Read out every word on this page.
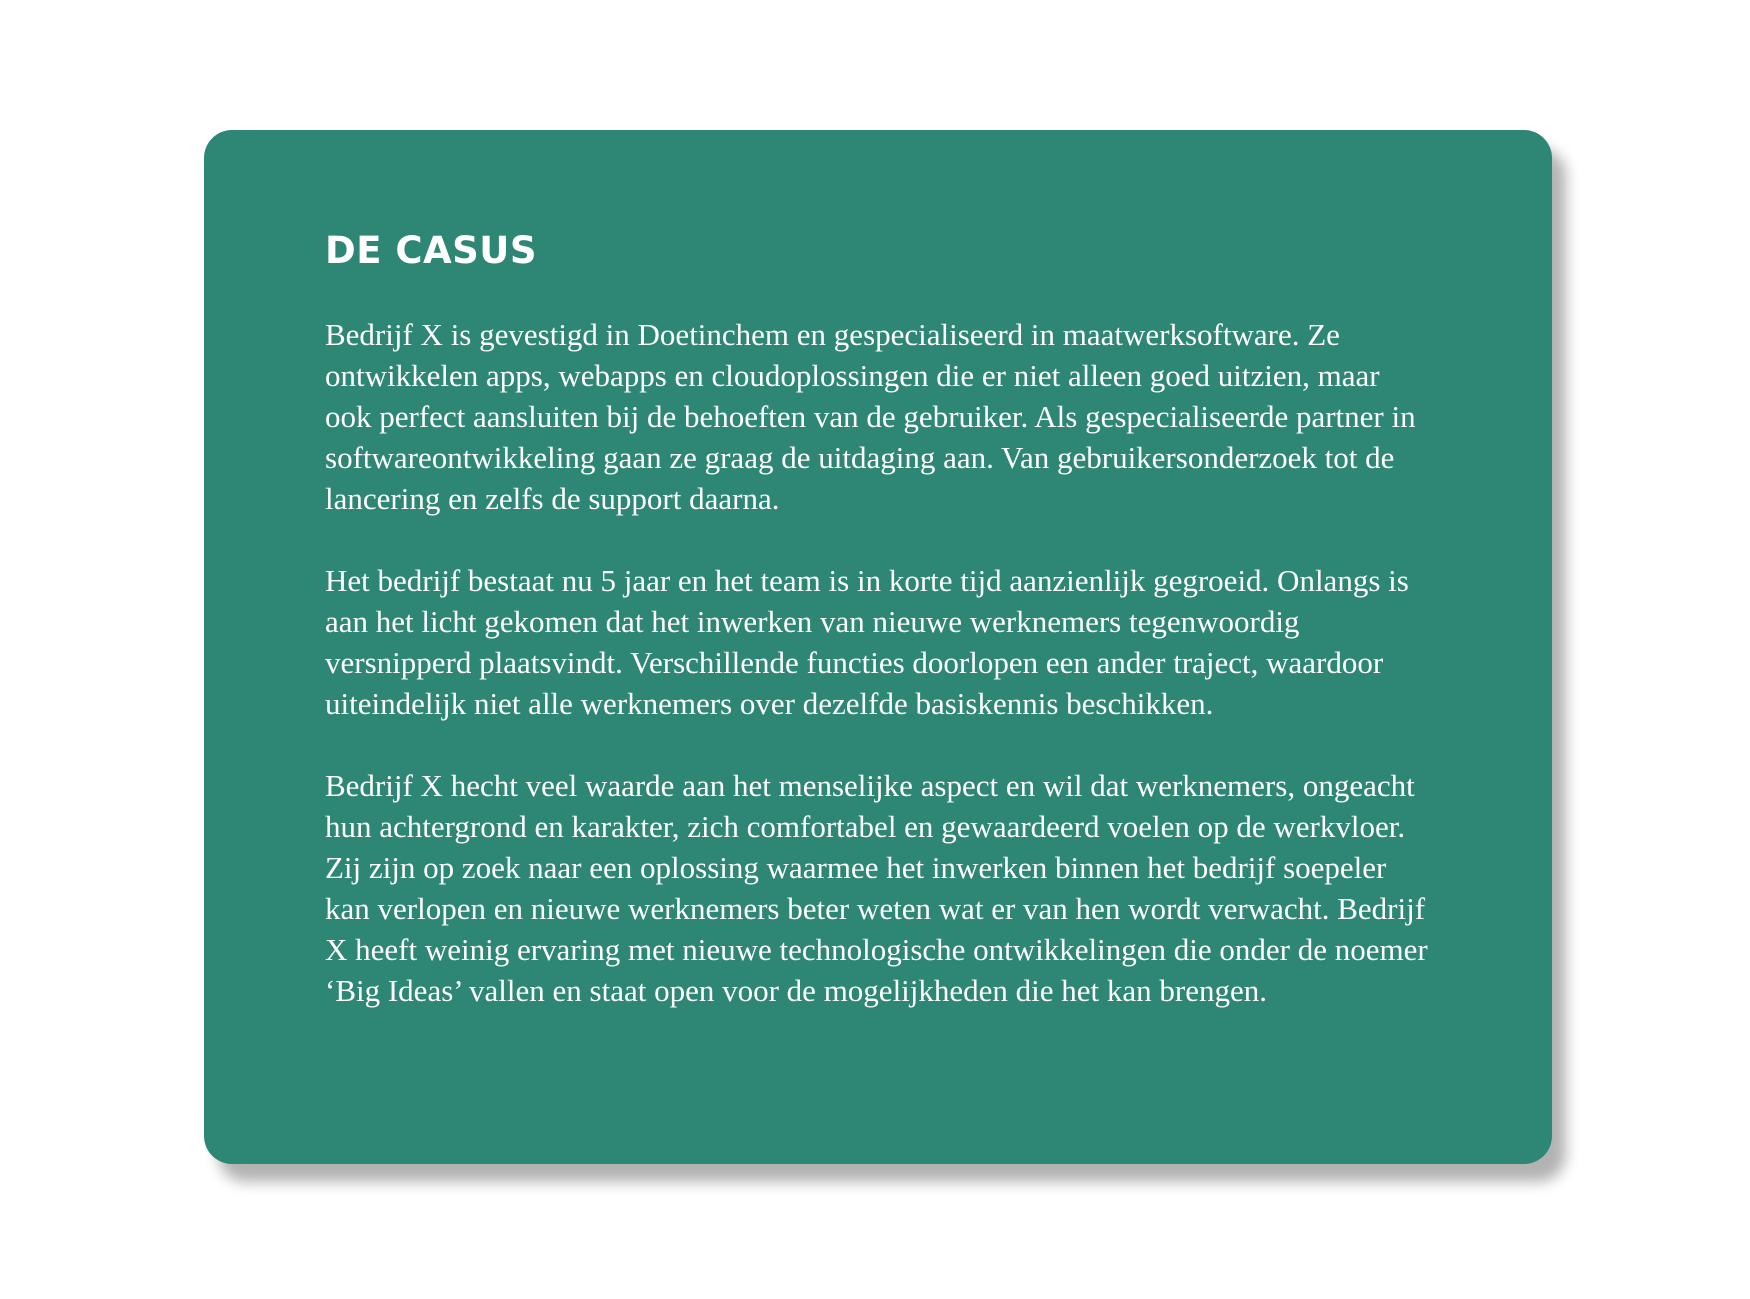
DE CASUS

Bedrijf X is gevestigd in Doetinchem en gespecialiseerd in maatwerksoftware. Ze ontwikkelen apps, webapps en cloudoplossingen die er niet alleen goed uitzien, maar ook perfect aansluiten bij de behoeften van de gebruiker. Als gespecialiseerde partner in softwareontwikkeling gaan ze graag de uitdaging aan. Van gebruikersonderzoek tot de lancering en zelfs de support daarna.

Het bedrijf bestaat nu 5 jaar en het team is in korte tijd aanzienlijk gegroeid. Onlangs is aan het licht gekomen dat het inwerken van nieuwe werknemers tegenwoordig versnipperd plaatsvindt. Verschillende functies doorlopen een ander traject, waardoor uiteindelijk niet alle werknemers over dezelfde basiskennis beschikken.

Bedrijf X hecht veel waarde aan het menselijke aspect en wil dat werknemers, ongeacht hun achtergrond en karakter, zich comfortabel en gewaardeerd voelen op de werkvloer. Zij zijn op zoek naar een oplossing waarmee het inwerken binnen het bedrijf soepeler kan verlopen en nieuwe werknemers beter weten wat er van hen wordt verwacht. Bedrijf X heeft weinig ervaring met nieuwe technologische ontwikkelingen die onder de noemer ‘Big Ideas’ vallen en staat open voor de mogelijkheden die het kan brengen.
